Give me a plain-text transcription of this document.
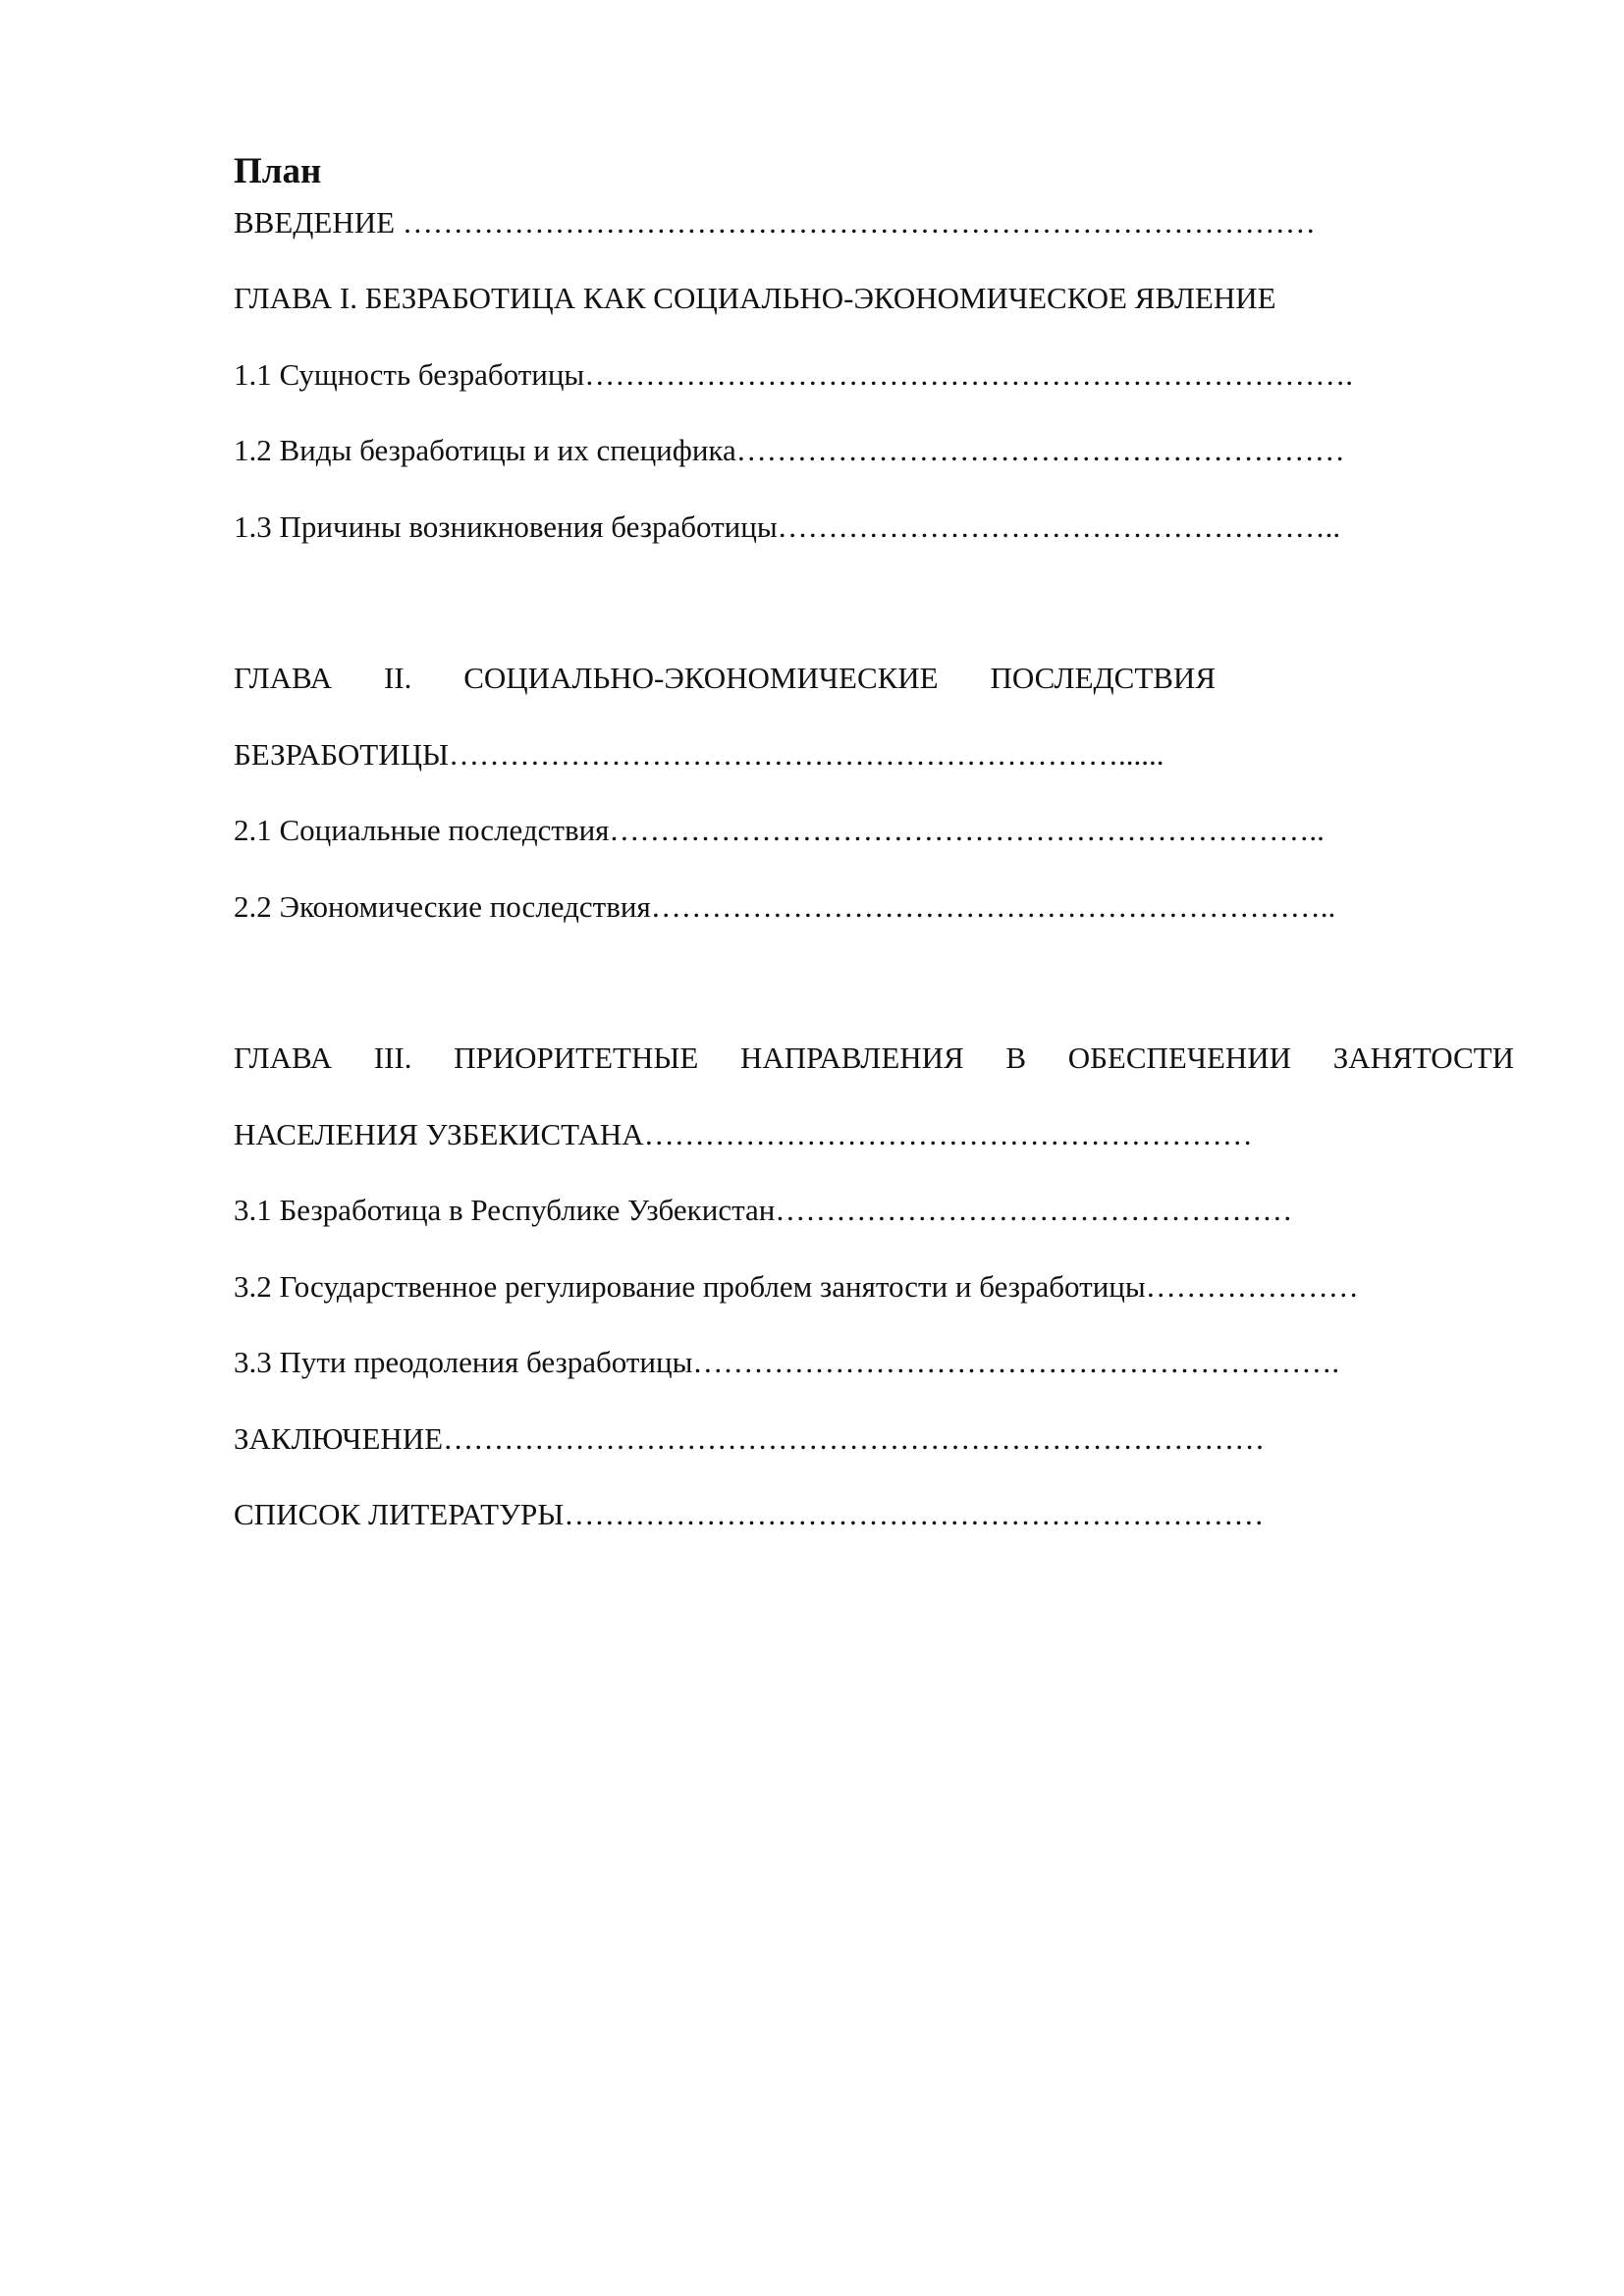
План

ВВЕДЕНИЕ ………………………………………………………………………………

ГЛАВА I. БЕЗРАБОТИЦА КАК СОЦИАЛЬНО-ЭКОНОМИЧЕСКОЕ ЯВЛЕНИЕ

1.1 Сущность безработицы………………………………………………………………….

1.2 Виды безработицы и их специфика……………………………………………………

1.3 Причины возникновения безработицы………………………………………………..

ГЛАВА II. СОЦИАЛЬНО-ЭКОНОМИЧЕСКИЕ ПОСЛЕДСТВИЯ

БЕЗРАБОТИЦЫ…………………………………………………………......

2.1 Социальные последствия……………………………………………………………..

2.2 Экономические последствия…………………………………………………………..

ГЛАВА III. ПРИОРИТЕТНЫЕ НАПРАВЛЕНИЯ В ОБЕСПЕЧЕНИИ ЗАНЯТОСТИ

НАСЕЛЕНИЯ УЗБЕКИСТАНА……………………………………………………

3.1 Безработица в Республике Узбекистан……………………………………………

3.2 Государственное регулирование проблем занятости и безработицы…………………

3.3 Пути преодоления безработицы……………………………………………………….

ЗАКЛЮЧЕНИЕ………………………………………………………………………

СПИСОК ЛИТЕРАТУРЫ……………………………………………………………
